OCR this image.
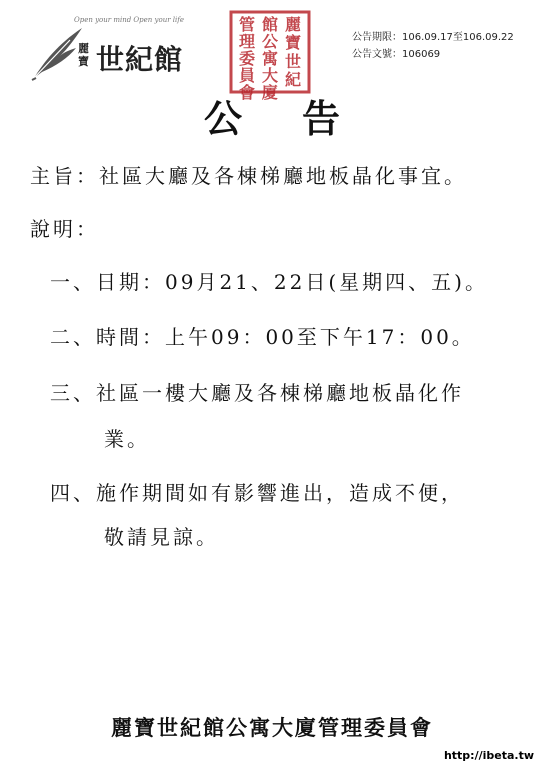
Open your mind Open your life
麗寶 世紀館
麗
寶
世
紀
館
公
寓
大
廈
管
理
委
員
會
公告期限：106.09.17至106.09.22
公告文號：106069
公告
主旨：社區大廳及各棟梯廳地板晶化事宜。
說明：
一、日期：09月21、22日(星期四、五)。
二、時間：上午09：00至下午17：00。
三、社區一樓大廳及各棟梯廳地板晶化作
業。
四、施作期間如有影響進出，造成不便，
敬請見諒。
麗寶世紀館公寓大廈管理委員會
http://ibeta.tw
